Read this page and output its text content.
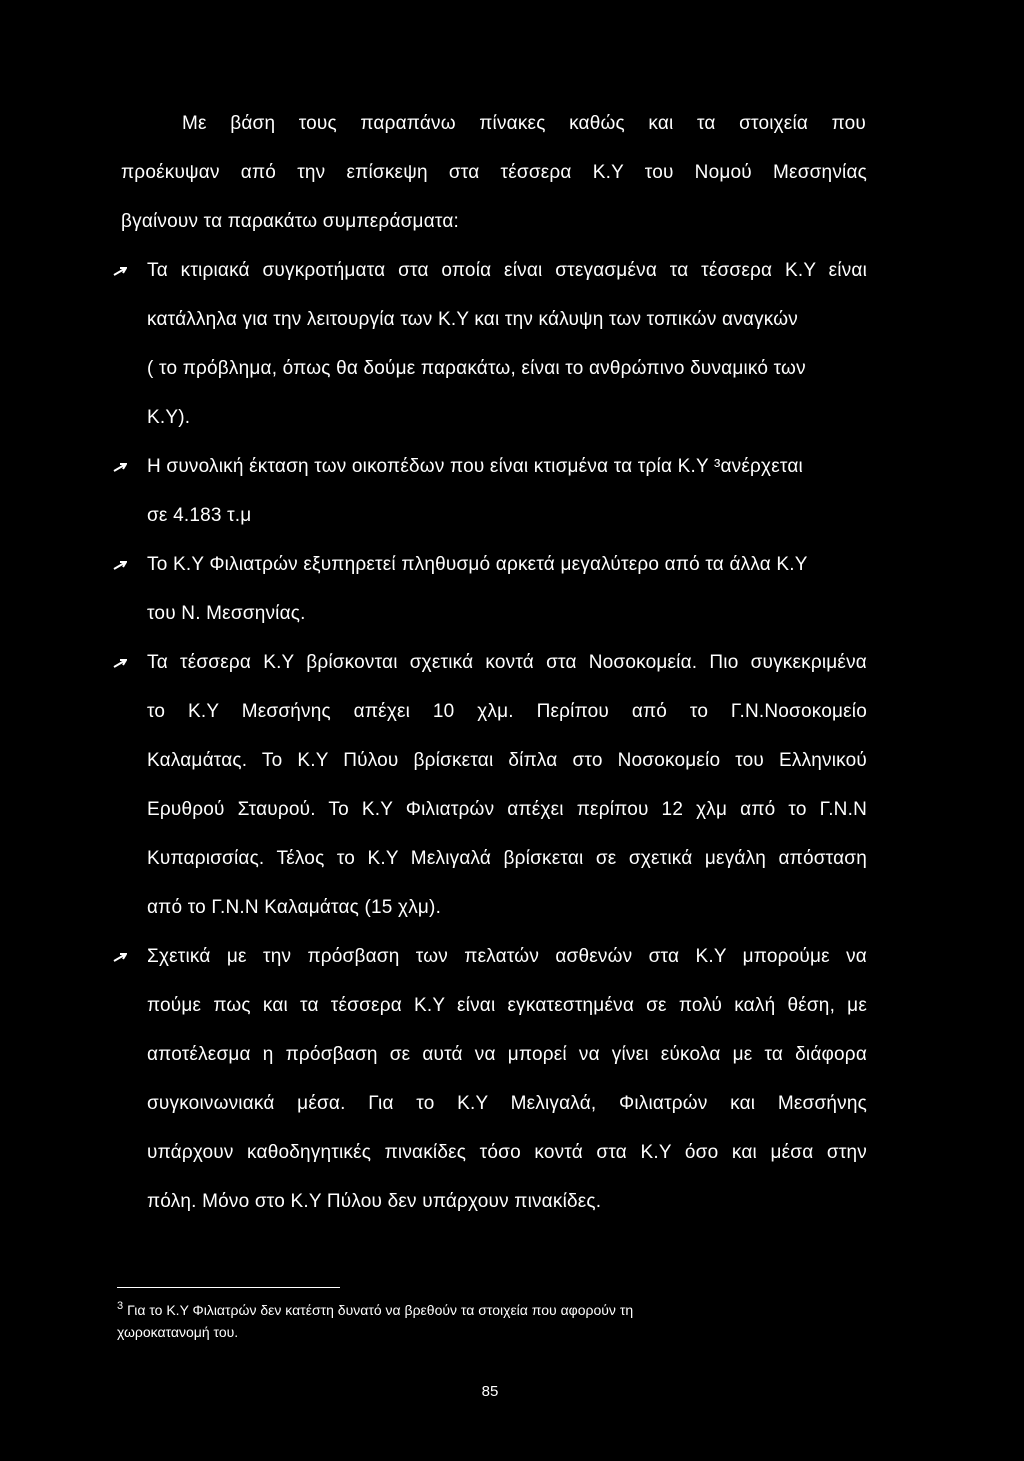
Με βάση τους παραπάνω πίνακες καθώς και τα στοιχεία που
προέκυψαν από την επίσκεψη στα τέσσερα Κ.Υ του Νομού Μεσσηνίας
βγαίνουν τα παρακάτω συμπεράσματα:
Τα κτιριακά συγκροτήματα στα οποία είναι στεγασμένα τα τέσσερα Κ.Υ είναι
κατάλληλα για την λειτουργία των Κ.Υ και την κάλυψη των τοπικών αναγκών
( το πρόβλημα, όπως θα δούμε παρακάτω, είναι το ανθρώπινο δυναμικό των
Κ.Υ).
Η συνολική έκταση των οικοπέδων που είναι κτισμένα τα τρία Κ.Υ ³ανέρχεται
σε 4.183 τ.μ
Το Κ.Υ Φιλιατρών εξυπηρετεί πληθυσμό αρκετά μεγαλύτερο από τα άλλα Κ.Υ
του Ν. Μεσσηνίας.
Τα τέσσερα Κ.Υ βρίσκονται σχετικά κοντά στα Νοσοκομεία. Πιο συγκεκριμένα
το Κ.Υ Μεσσήνης απέχει 10 χλμ. Περίπου από το Γ.Ν.Νοσοκομείο
Καλαμάτας. Το Κ.Υ Πύλου βρίσκεται δίπλα στο Νοσοκομείο του Ελληνικού
Ερυθρού Σταυρού. Το Κ.Υ Φιλιατρών απέχει περίπου 12 χλμ από το Γ.Ν.Ν
Κυπαρισσίας. Τέλος το Κ.Υ Μελιγαλά βρίσκεται σε σχετικά μεγάλη απόσταση
από το Γ.Ν.Ν Καλαμάτας (15 χλμ).
Σχετικά με την πρόσβαση των πελατών ασθενών στα Κ.Υ μπορούμε να
πούμε πως και τα τέσσερα Κ.Υ είναι εγκατεστημένα σε πολύ καλή θέση, με
αποτέλεσμα η πρόσβαση σε αυτά να μπορεί να γίνει εύκολα με τα διάφορα
συγκοινωνιακά μέσα. Για το Κ.Υ Μελιγαλά, Φιλιατρών και Μεσσήνης
υπάρχουν καθοδηγητικές πινακίδες τόσο κοντά στα Κ.Υ όσο και μέσα στην
πόλη. Μόνο στο Κ.Υ Πύλου δεν υπάρχουν πινακίδες.
$^3$ Για το Κ.Υ Φιλιατρών δεν κατέστη δυνατό να βρεθούν τα στοιχεία που αφορούν τη
χωροκατανομή του.
85
